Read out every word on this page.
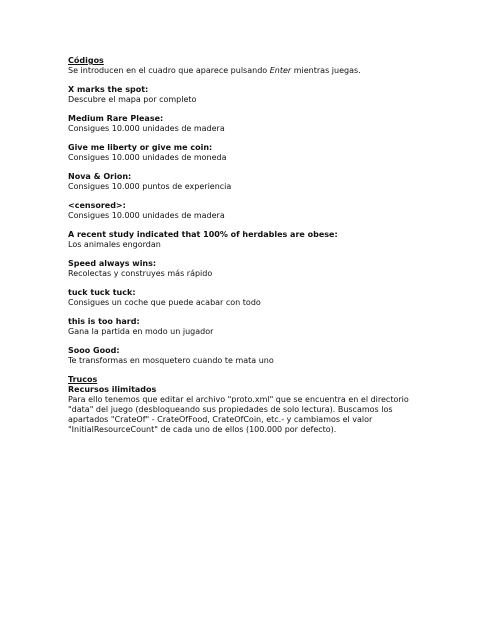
Códigos
Se introducen en el cuadro que aparece pulsando Enter mientras juegas.
X marks the spot:
Descubre el mapa por completo
Medium Rare Please:
Consigues 10.000 unidades de madera
Give me liberty or give me coin:
Consigues 10.000 unidades de moneda
Nova & Orion:
Consigues 10.000 puntos de experiencia
<censored>:
Consigues 10.000 unidades de madera
A recent study indicated that 100% of herdables are obese:
Los animales engordan
Speed always wins:
Recolectas y construyes más rápido
tuck tuck tuck:
Consigues un coche que puede acabar con todo
this is too hard:
Gana la partida en modo un jugador
Sooo Good:
Te transformas en mosquetero cuando te mata uno
Trucos
Recursos ilimitados
Para ello tenemos que editar el archivo "proto.xml" que se encuentra en el directorio "data" del juego (desbloqueando sus propiedades de solo lectura). Buscamos los apartados "CrateOf" - CrateOfFood, CrateOfCoin, etc.- y cambiamos el valor "InitialResourceCount" de cada uno de ellos (100.000 por defecto).
